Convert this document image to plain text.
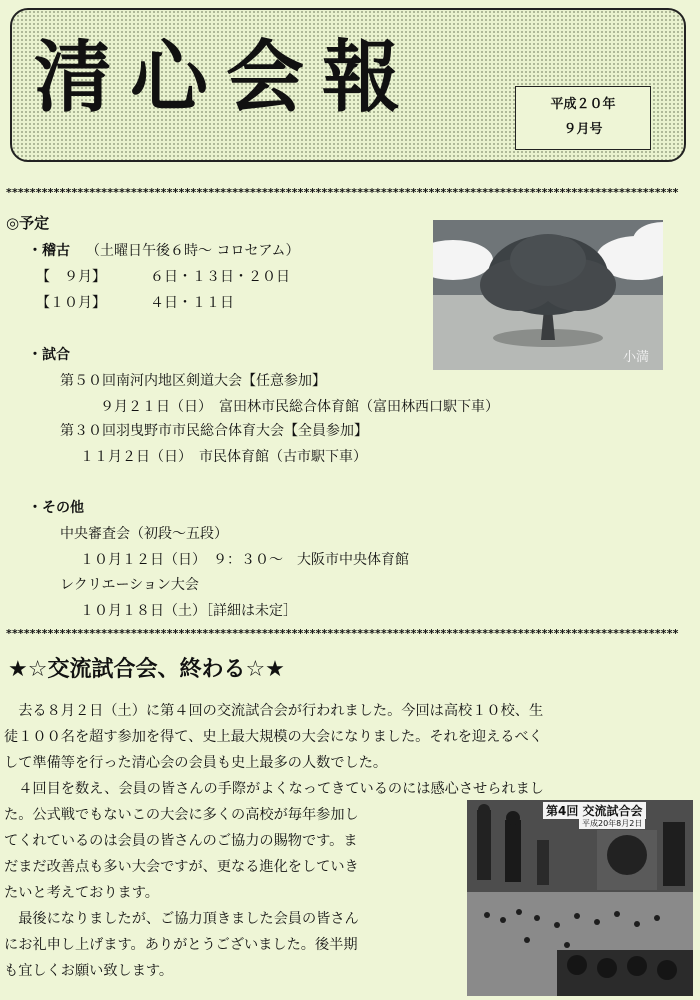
清心会報	平成２０年
９月号
*****************************************************************************************************************
◎予定
・稽古 （土曜日午後６時～ コロセアム）
【　９月】	６日・１３日・２０日
【１０月】	４日・１１日
小満
・試合
第５０回南河内地区剣道大会【任意参加】
９月２１日（日）　富田林市民総合体育館（富田林西口駅下車）
第３０回羽曳野市市民総合体育大会【全員参加】
１１月２日（日）　市民体育館（古市駅下車）
・その他
中央審査会（初段～五段）
１０月１２日（日）　９：３０～　大阪市中央体育館
レクリエーション大会
１０月１８日（土）［詳細は未定］
*****************************************************************************************************************
★☆交流試合会、終わる☆★
　去る８月２日（土）に第４回の交流試合会が行われました。今回は高校１０校、生
徒１００名を超す参加を得て、史上最大規模の大会になりました。それを迎えるべく
して準備等を行った清心会の会員も史上最多の人数でした。
　４回目を数え、会員の皆さんの手際がよくなってきているのには感心させられまし
た。公式戦でもないこの大会に多くの高校が毎年参加し
てくれているのは会員の皆さんのご協力の賜物です。ま
だまだ改善点も多い大会ですが、更なる進化をしていき
たいと考えております。
　最後になりましたが、ご協力頂きました会員の皆さん
にお礼申し上げます。ありがとうございました。後半期
も宜しくお願い致します。
第4回 交流試合会
平成20年8月2日
